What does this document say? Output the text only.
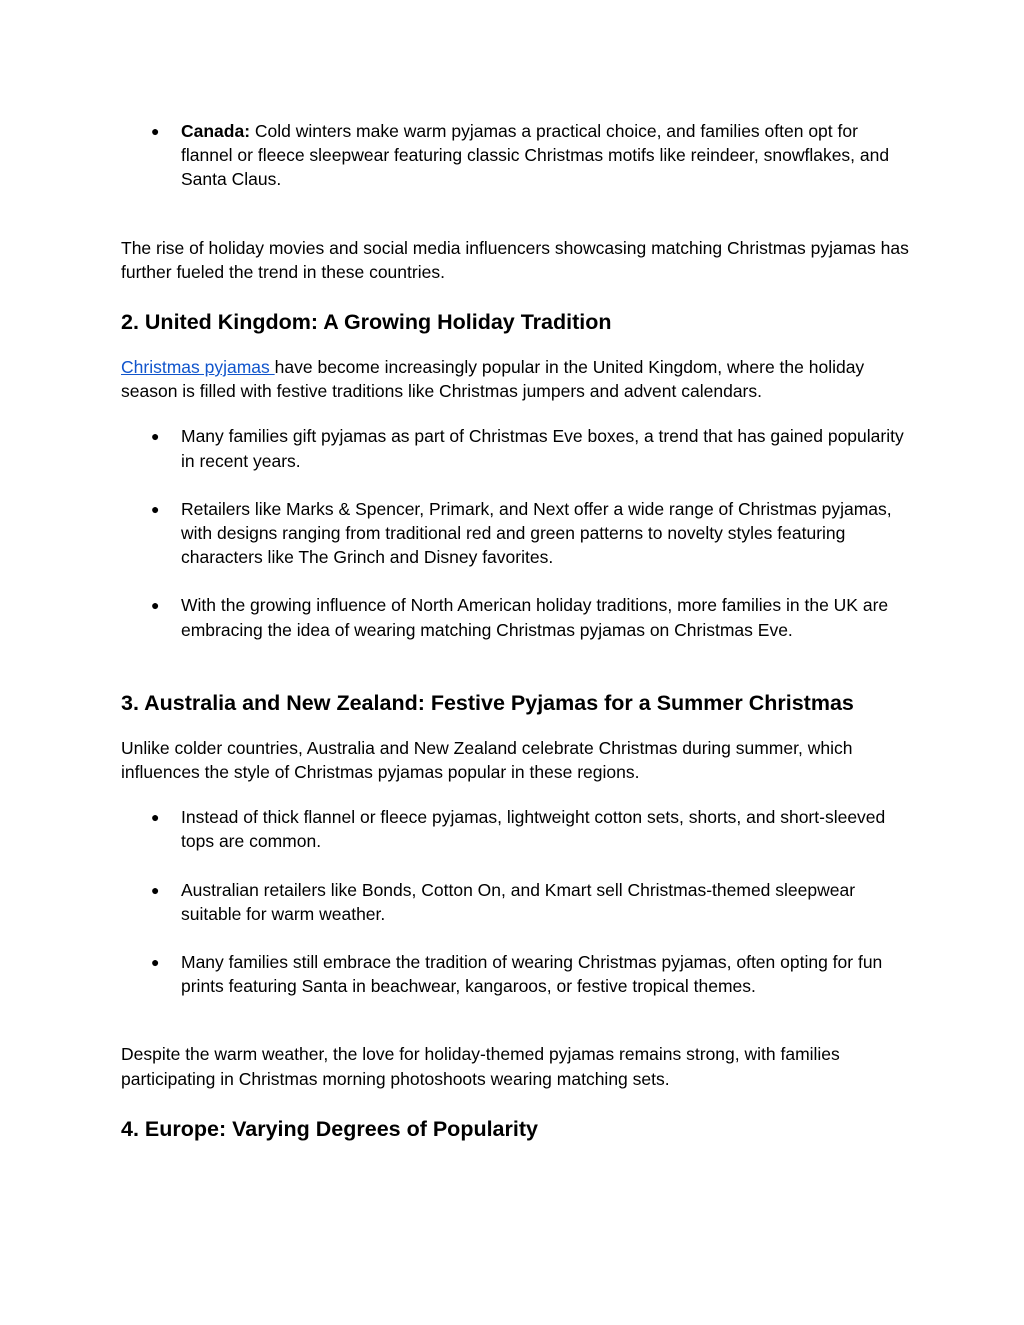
● Canada: Cold winters make warm pyjamas a practical choice, and families often opt for flannel or fleece sleepwear featuring classic Christmas motifs like reindeer, snowflakes, and Santa Claus.

The rise of holiday movies and social media influencers showcasing matching Christmas pyjamas has further fueled the trend in these countries.

2. United Kingdom: A Growing Holiday Tradition

Christmas pyjamas have become increasingly popular in the United Kingdom, where the holiday season is filled with festive traditions like Christmas jumpers and advent calendars.

● Many families gift pyjamas as part of Christmas Eve boxes, a trend that has gained popularity in recent years.
● Retailers like Marks & Spencer, Primark, and Next offer a wide range of Christmas pyjamas, with designs ranging from traditional red and green patterns to novelty styles featuring characters like The Grinch and Disney favorites.
● With the growing influence of North American holiday traditions, more families in the UK are embracing the idea of wearing matching Christmas pyjamas on Christmas Eve.
3. Australia and New Zealand: Festive Pyjamas for a Summer Christmas

Unlike colder countries, Australia and New Zealand celebrate Christmas during summer, which influences the style of Christmas pyjamas popular in these regions.

● Instead of thick flannel or fleece pyjamas, lightweight cotton sets, shorts, and short-sleeved tops are common.
● Australian retailers like Bonds, Cotton On, and Kmart sell Christmas-themed sleepwear suitable for warm weather.
● Many families still embrace the tradition of wearing Christmas pyjamas, often opting for fun prints featuring Santa in beachwear, kangaroos, or festive tropical themes.

Despite the warm weather, the love for holiday-themed pyjamas remains strong, with families participating in Christmas morning photoshoots wearing matching sets.

4. Europe: Varying Degrees of Popularity
